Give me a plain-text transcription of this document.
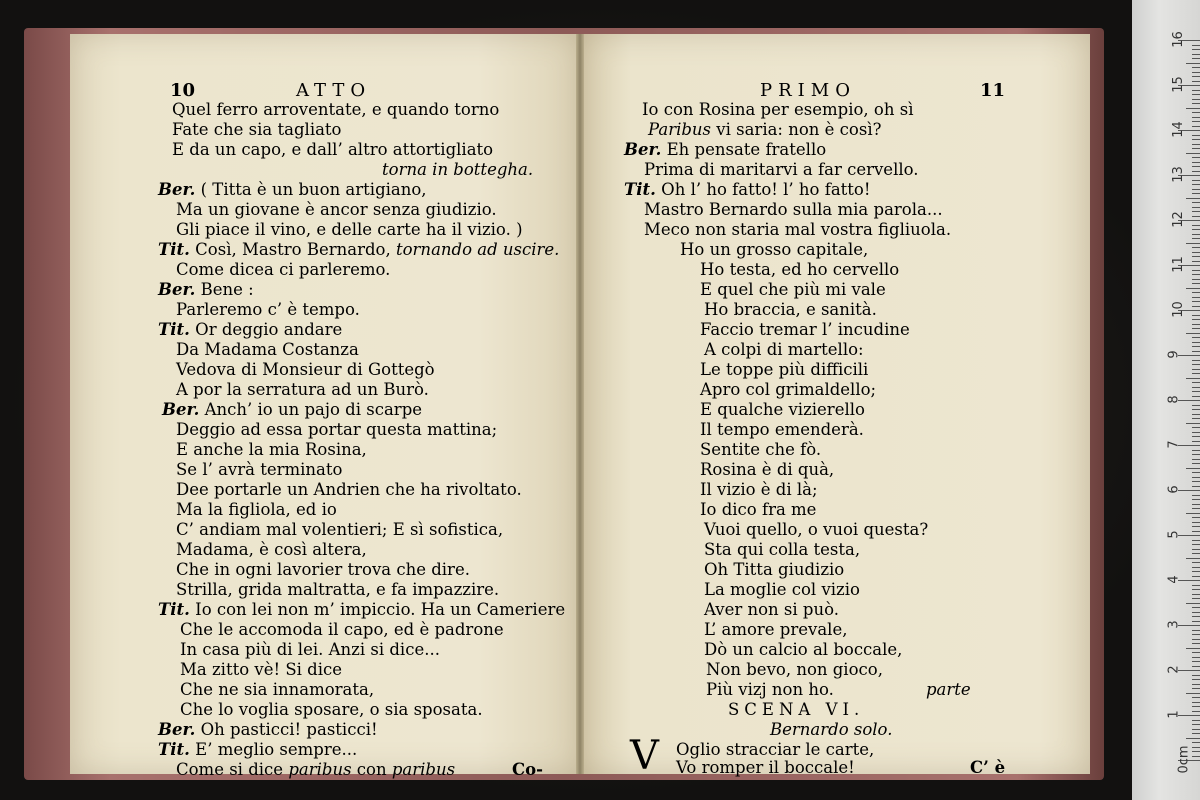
10	ATTO
Quel ferro arroventate, e quando torno
Fate che sia tagliato
E da un capo, e dall’ altro attortigliato
torna in bottegha.
Ber. ( Titta è un buon artigiano,
Ma un giovane è ancor senza giudizio.
Gli piace il vino, e delle carte ha il vizio. )
Tit. Così, Mastro Bernardo, tornando ad uscire.
Come dicea ci parleremo.
Ber. Bene :
Parleremo c’ è tempo.
Tit. Or deggio andare
Da Madama Costanza
Vedova di Monsieur di Gottegò
A por la serratura ad un Burò.
Ber. Anch’ io un pajo di scarpe
Deggio ad essa portar questa mattina;
E anche la mia Rosina,
Se l’ avrà terminato
Dee portarle un Andrien che ha rivoltato.
Ma la figliola, ed io
C’ andiam mal volentieri; E sì sofistica,
Madama, è così altera,
Che in ogni lavorier trova che dire.
Strilla, grida maltratta, e fa impazzire.
Tit. Io con lei non m’ impiccio. Ha un Cameriere
Che le accomoda il capo, ed è padrone
In casa più di lei. Anzi si dice...
Ma zitto vè! Si dice
Che ne sia innamorata,
Che lo voglia sposare, o sia sposata.
Ber. Oh pasticci! pasticci!
Tit. E’ meglio sempre...
Come si dice paribus con paribus	Co-
PRIMO	11
Io con Rosina per esempio, oh sì
Paribus vi saria: non è così?
Ber. Eh pensate fratello
Prima di maritarvi a far cervello.
Tit. Oh l’ ho fatto! l’ ho fatto!
Mastro Bernardo sulla mia parola...
Meco non staria mal vostra figliuola.
Ho un grosso capitale,
Ho testa, ed ho cervello
E quel che più mi vale
Ho braccia, e sanità.
Faccio tremar l’ incudine
A colpi di martello:
Le toppe più difficili
Apro col grimaldello;
E qualche vizierello
Il tempo emenderà.
Sentite che fò.
Rosina è di quà,
Il vizio è di là;
Io dico fra me
Vuoi quello, o vuoi questa?
Sta qui colla testa,
Oh Titta giudizio
La moglie col vizio
Aver non si può.
L’ amore prevale,
Dò un calcio al boccale,
Non bevo, non gioco,
Più vizj non ho.	parte
SCENA VI.
Bernardo solo.
Oglio stracciar le carte,
Vo romper il boccale!
V	C’ è
16
15
14
13
12
11
10
9
8
7
6
5
4
3
2
1
0cm
